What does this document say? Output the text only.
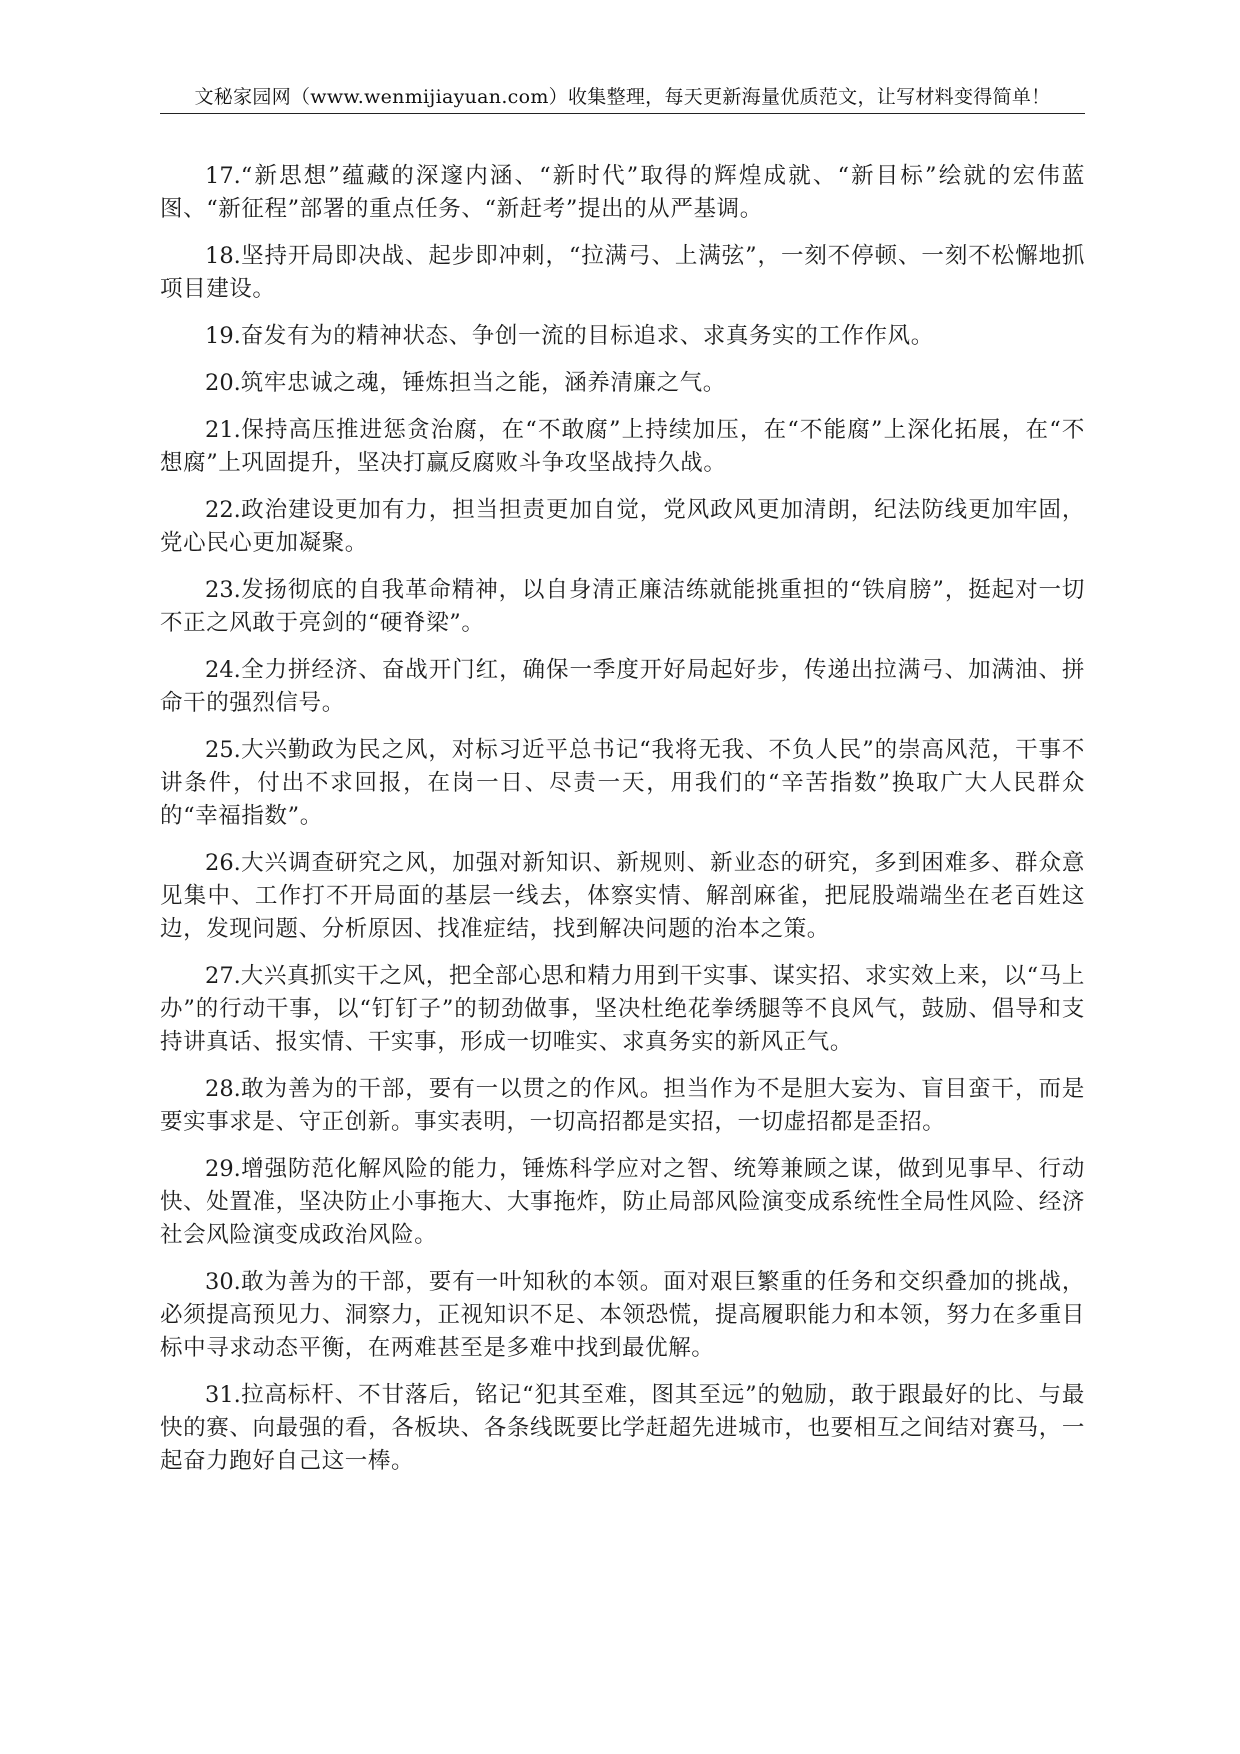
文秘家园网（www.wenmijiayuan.com）收集整理，每天更新海量优质范文，让写材料变得简单！

17.“新思想”蕴藏的深邃内涵、“新时代”取得的辉煌成就、“新目标”绘就的宏伟蓝图、“新征程”部署的重点任务、“新赶考”提出的从严基调。

18.坚持开局即决战、起步即冲刺，“拉满弓、上满弦”，一刻不停顿、一刻不松懈地抓项目建设。

19.奋发有为的精神状态、争创一流的目标追求、求真务实的工作作风。

20.筑牢忠诚之魂，锤炼担当之能，涵养清廉之气。

21.保持高压推进惩贪治腐，在“不敢腐”上持续加压，在“不能腐”上深化拓展，在“不想腐”上巩固提升，坚决打赢反腐败斗争攻坚战持久战。

22.政治建设更加有力，担当担责更加自觉，党风政风更加清朗，纪法防线更加牢固，党心民心更加凝聚。

23.发扬彻底的自我革命精神，以自身清正廉洁练就能挑重担的“铁肩膀”，挺起对一切不正之风敢于亮剑的“硬脊梁”。

24.全力拼经济、奋战开门红，确保一季度开好局起好步，传递出拉满弓、加满油、拼命干的强烈信号。

25.大兴勤政为民之风，对标习近平总书记“我将无我、不负人民”的崇高风范，干事不讲条件，付出不求回报，在岗一日、尽责一天，用我们的“辛苦指数”换取广大人民群众的“幸福指数”。

26.大兴调查研究之风，加强对新知识、新规则、新业态的研究，多到困难多、群众意见集中、工作打不开局面的基层一线去，体察实情、解剖麻雀，把屁股端端坐在老百姓这边，发现问题、分析原因、找准症结，找到解决问题的治本之策。

27.大兴真抓实干之风，把全部心思和精力用到干实事、谋实招、求实效上来，以“马上办”的行动干事，以“钉钉子”的韧劲做事，坚决杜绝花拳绣腿等不良风气，鼓励、倡导和支持讲真话、报实情、干实事，形成一切唯实、求真务实的新风正气。

28.敢为善为的干部，要有一以贯之的作风。担当作为不是胆大妄为、盲目蛮干，而是要实事求是、守正创新。事实表明，一切高招都是实招，一切虚招都是歪招。

29.增强防范化解风险的能力，锤炼科学应对之智、统筹兼顾之谋，做到见事早、行动快、处置准，坚决防止小事拖大、大事拖炸，防止局部风险演变成系统性全局性风险、经济社会风险演变成政治风险。

30.敢为善为的干部，要有一叶知秋的本领。面对艰巨繁重的任务和交织叠加的挑战，必须提高预见力、洞察力，正视知识不足、本领恐慌，提高履职能力和本领，努力在多重目标中寻求动态平衡，在两难甚至是多难中找到最优解。

31.拉高标杆、不甘落后，铭记“犯其至难，图其至远”的勉励，敢于跟最好的比、与最快的赛、向最强的看，各板块、各条线既要比学赶超先进城市，也要相互之间结对赛马，一起奋力跑好自己这一棒。
